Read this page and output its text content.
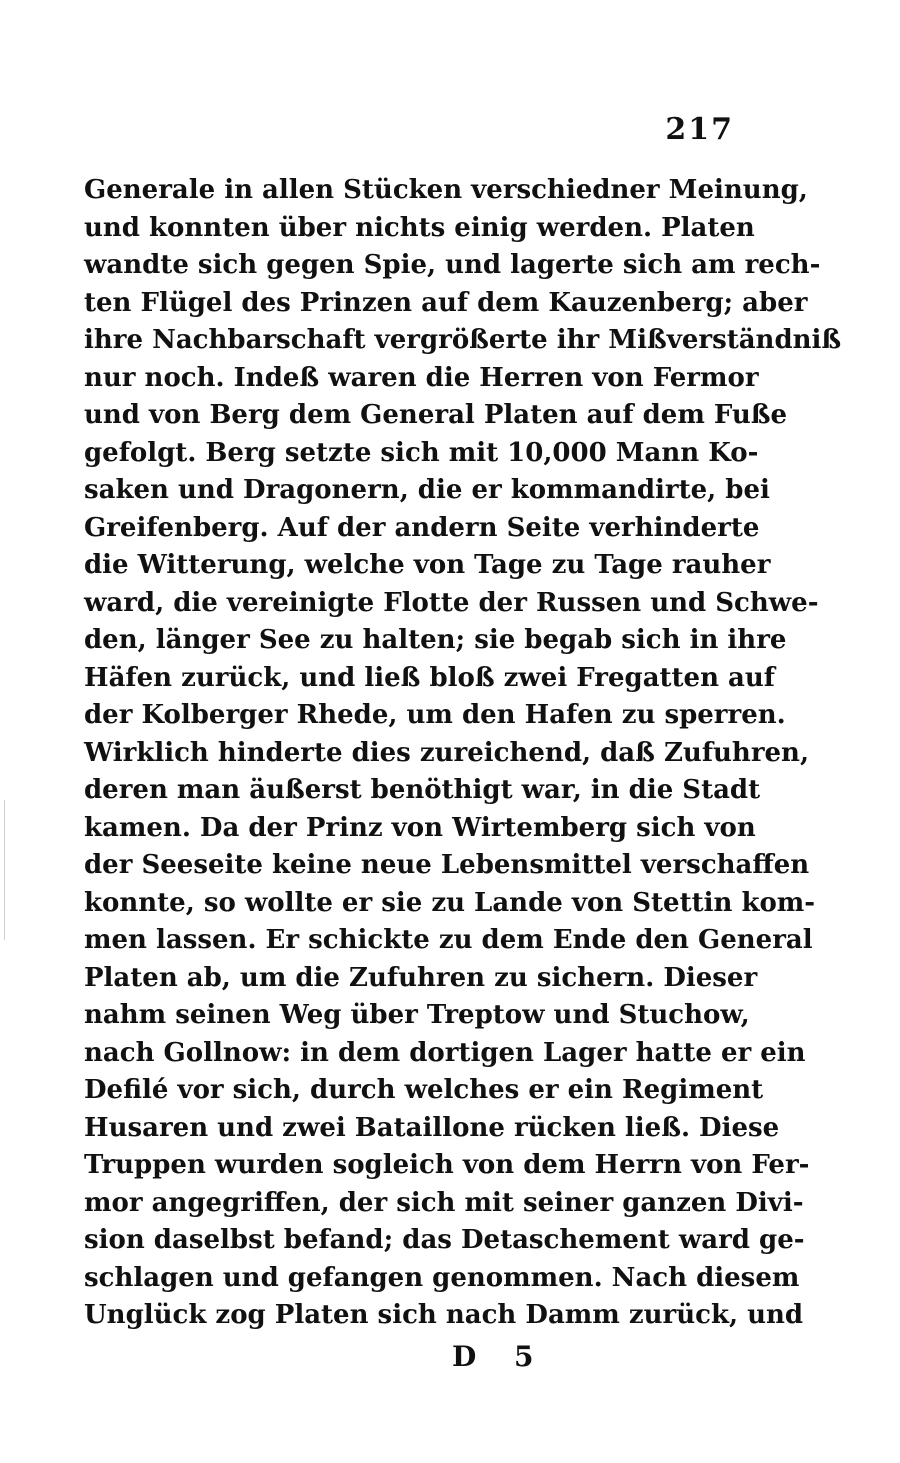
217
Generale in allen Stücken verschiedner Meinung,
und konnten über nichts einig werden. Platen
wandte sich gegen Spie, und lagerte sich am rech-
ten Flügel des Prinzen auf dem Kauzenberg; aber
ihre Nachbarschaft vergrößerte ihr Mißverständniß
nur noch. Indeß waren die Herren von Fermor
und von Berg dem General Platen auf dem Fuße
gefolgt. Berg setzte sich mit 10,000 Mann Ko-
saken und Dragonern, die er kommandirte, bei
Greifenberg. Auf der andern Seite verhinderte
die Witterung, welche von Tage zu Tage rauher
ward, die vereinigte Flotte der Russen und Schwe-
den, länger See zu halten; sie begab sich in ihre
Häfen zurück, und ließ bloß zwei Fregatten auf
der Kolberger Rhede, um den Hafen zu sperren.
Wirklich hinderte dies zureichend, daß Zufuhren,
deren man äußerst benöthigt war, in die Stadt
kamen. Da der Prinz von Wirtemberg sich von
der Seeseite keine neue Lebensmittel verschaffen
konnte, so wollte er sie zu Lande von Stettin kom-
men lassen. Er schickte zu dem Ende den General
Platen ab, um die Zufuhren zu sichern. Dieser
nahm seinen Weg über Treptow und Stuchow,
nach Gollnow: in dem dortigen Lager hatte er ein
Defilé vor sich, durch welches er ein Regiment
Husaren und zwei Bataillone rücken ließ. Diese
Truppen wurden sogleich von dem Herrn von Fer-
mor angegriffen, der sich mit seiner ganzen Divi-
sion daselbst befand; das Detaschement ward ge-
schlagen und gefangen genommen. Nach diesem
Unglück zog Platen sich nach Damm zurück, und
D 5
